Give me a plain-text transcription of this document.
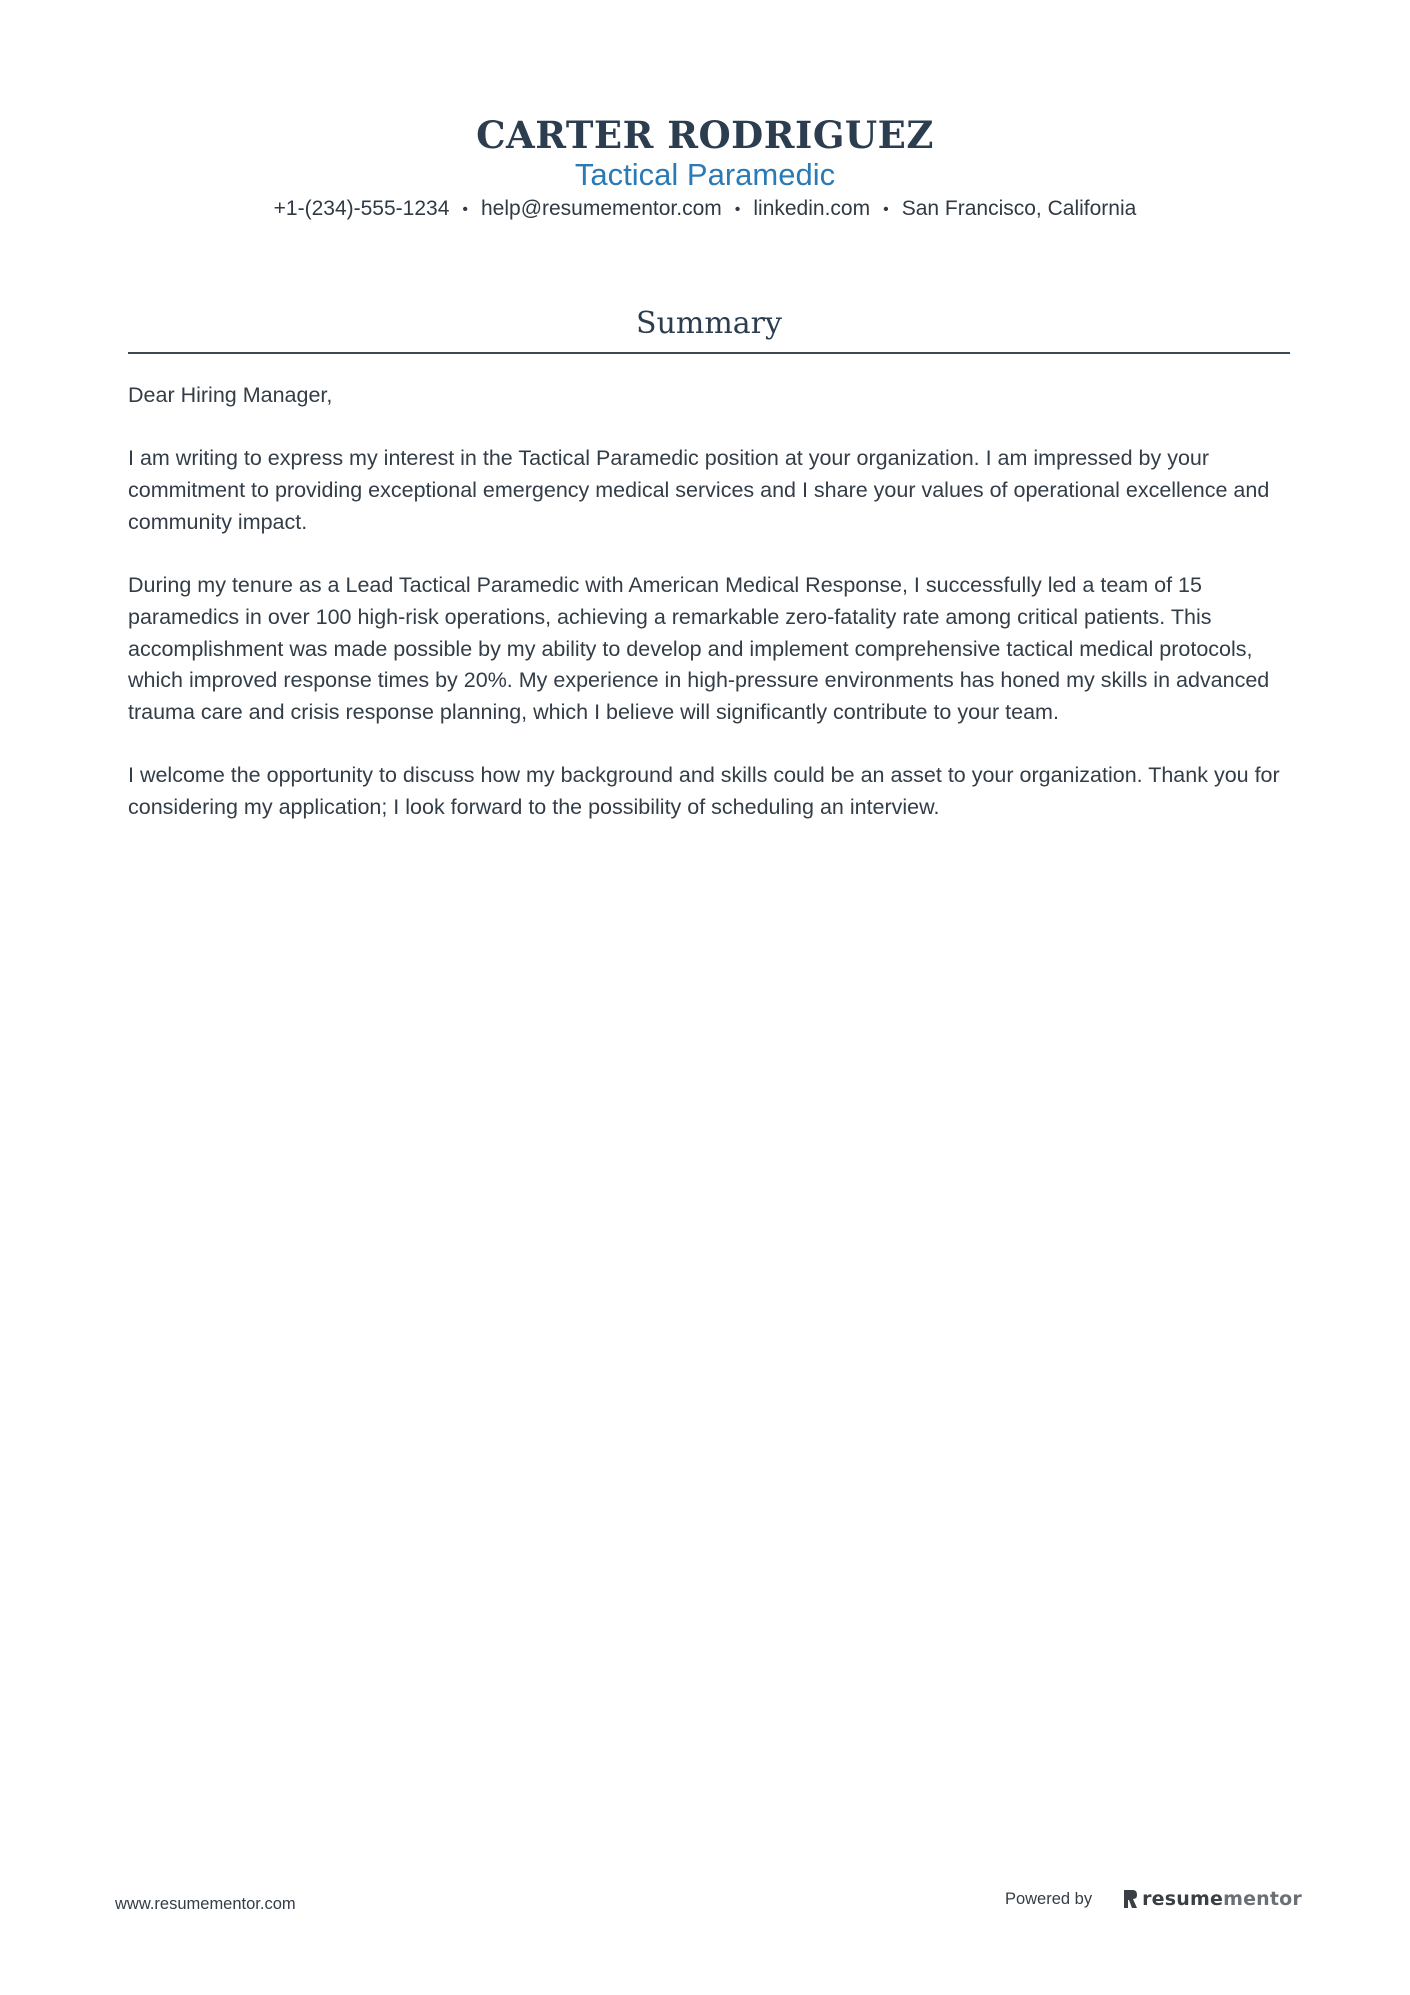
CARTER RODRIGUEZ
Tactical Paramedic
+1-(234)-555-1234 • help@resumementor.com • linkedin.com • San Francisco, California
Summary

Dear Hiring Manager,

I am writing to express my interest in the Tactical Paramedic position at your organization. I am impressed by your commitment to providing exceptional emergency medical services and I share your values of operational excellence and community impact.

During my tenure as a Lead Tactical Paramedic with American Medical Response, I successfully led a team of 15 paramedics in over 100 high-risk operations, achieving a remarkable zero-fatality rate among critical patients. This accomplishment was made possible by my ability to develop and implement comprehensive tactical medical protocols, which improved response times by 20%. My experience in high-pressure environments has honed my skills in advanced trauma care and crisis response planning, which I believe will significantly contribute to your team.

I welcome the opportunity to discuss how my background and skills could be an asset to your organization. Thank you for considering my application; I look forward to the possibility of scheduling an interview.

www.resumementor.com	Powered by	resume mentor
